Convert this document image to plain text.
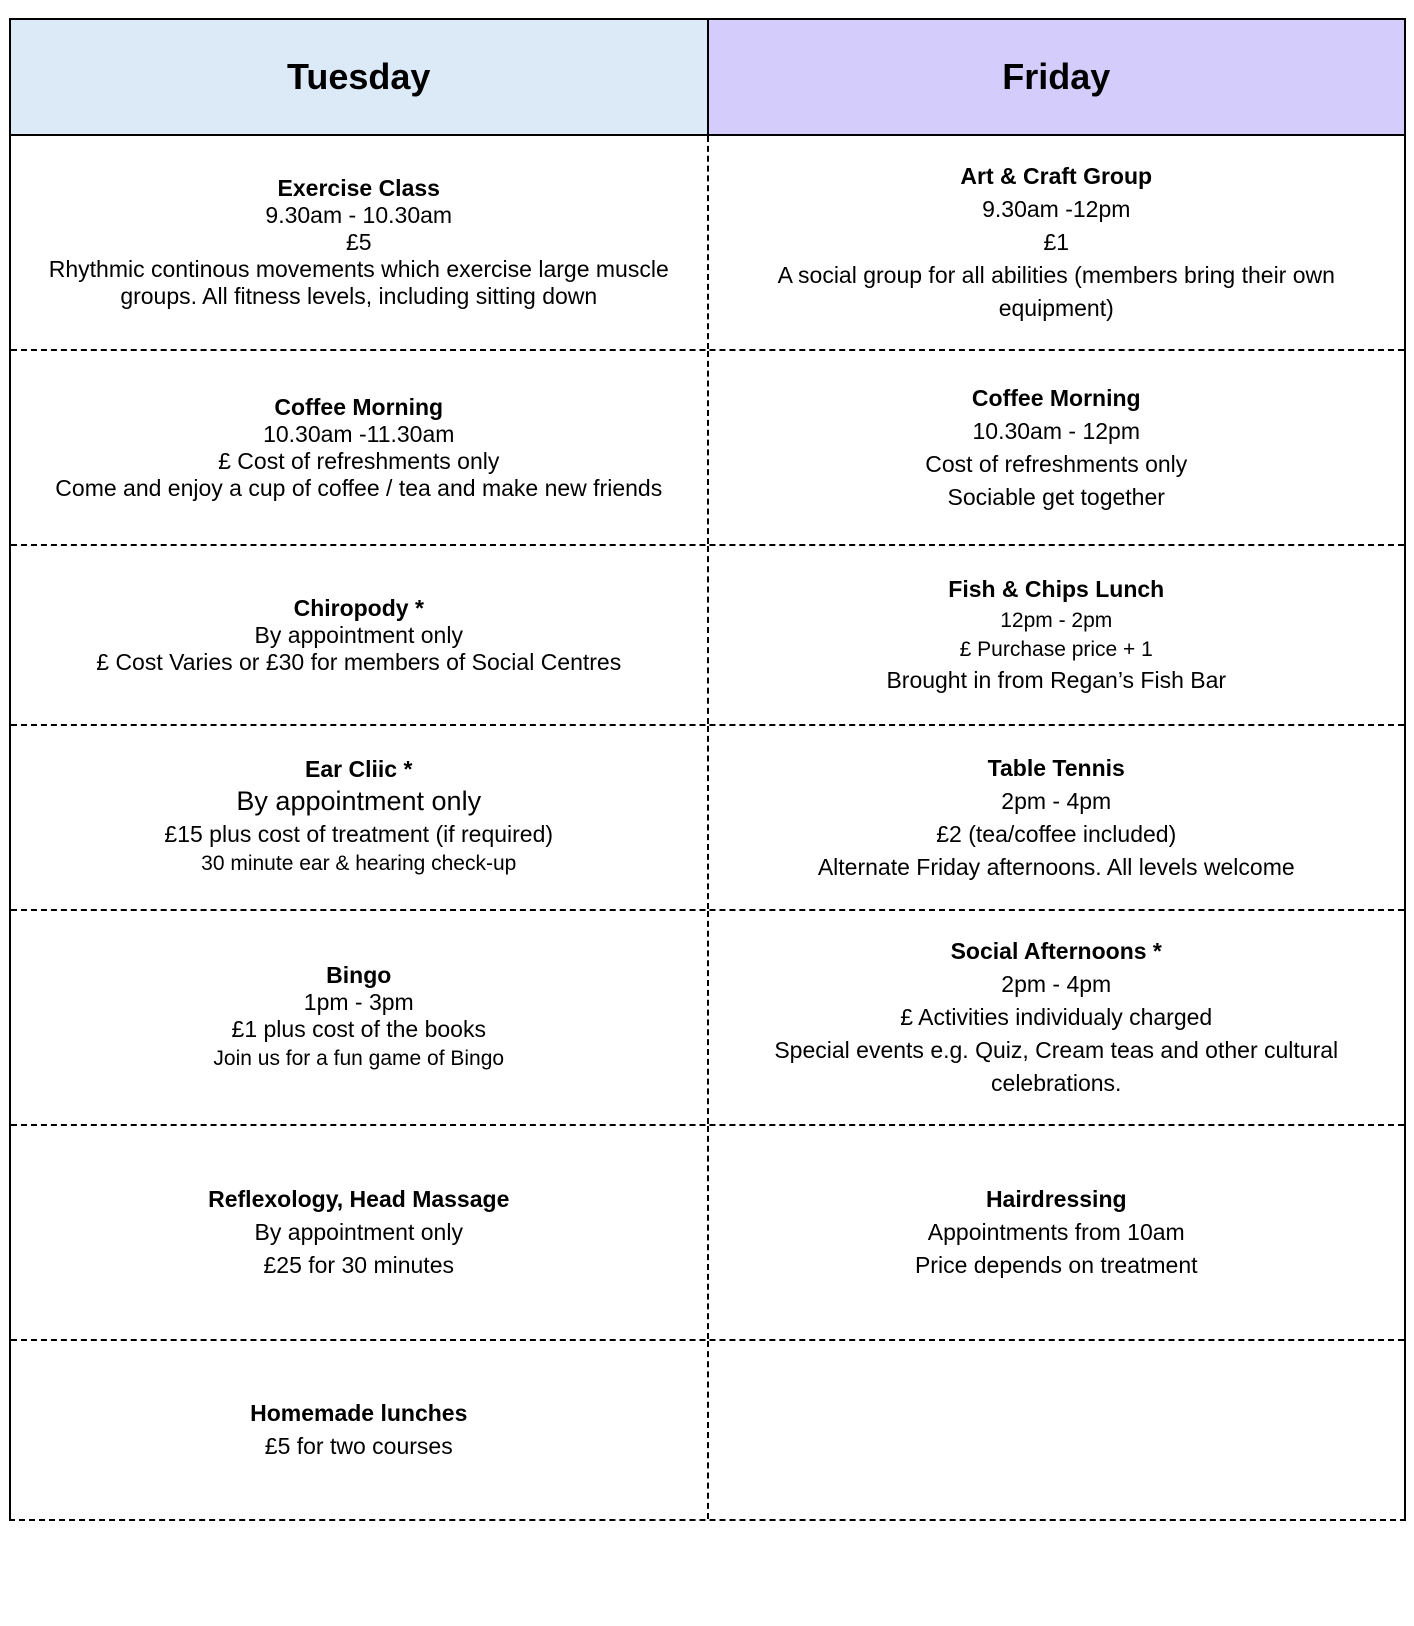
Tuesday	Friday
Exercise Class
9.30am - 10.30am
£5
Rhythmic continous movements which exercise large muscle groups. All fitness levels, including sitting down
Art & Craft Group
9.30am -12pm
£1
A social group for all abilities (members bring their own equipment)
Coffee Morning
10.30am -11.30am
£ Cost of refreshments only
Come and enjoy a cup of coffee / tea and make new friends
Coffee Morning
10.30am - 12pm
Cost of refreshments only
Sociable get together
Chiropody *
By appointment only
£ Cost Varies or £30 for members of Social Centres
Fish & Chips Lunch
12pm - 2pm
£ Purchase price + 1
Brought in from Regan’s Fish Bar
Ear Cliic *
By appointment only
£15 plus cost of treatment (if required)
30 minute ear & hearing check-up
Table Tennis
2pm - 4pm
£2 (tea/coffee included)
Alternate Friday afternoons. All levels welcome
Bingo
1pm - 3pm
£1 plus cost of the books
Join us for a fun game of Bingo
Social Afternoons *
2pm - 4pm
£ Activities individualy charged
Special events e.g. Quiz, Cream teas and other cultural celebrations.
Reflexology, Head Massage
By appointment only
£25 for 30 minutes
Hairdressing
Appointments from 10am
Price depends on treatment
Homemade lunches
£5 for two courses
